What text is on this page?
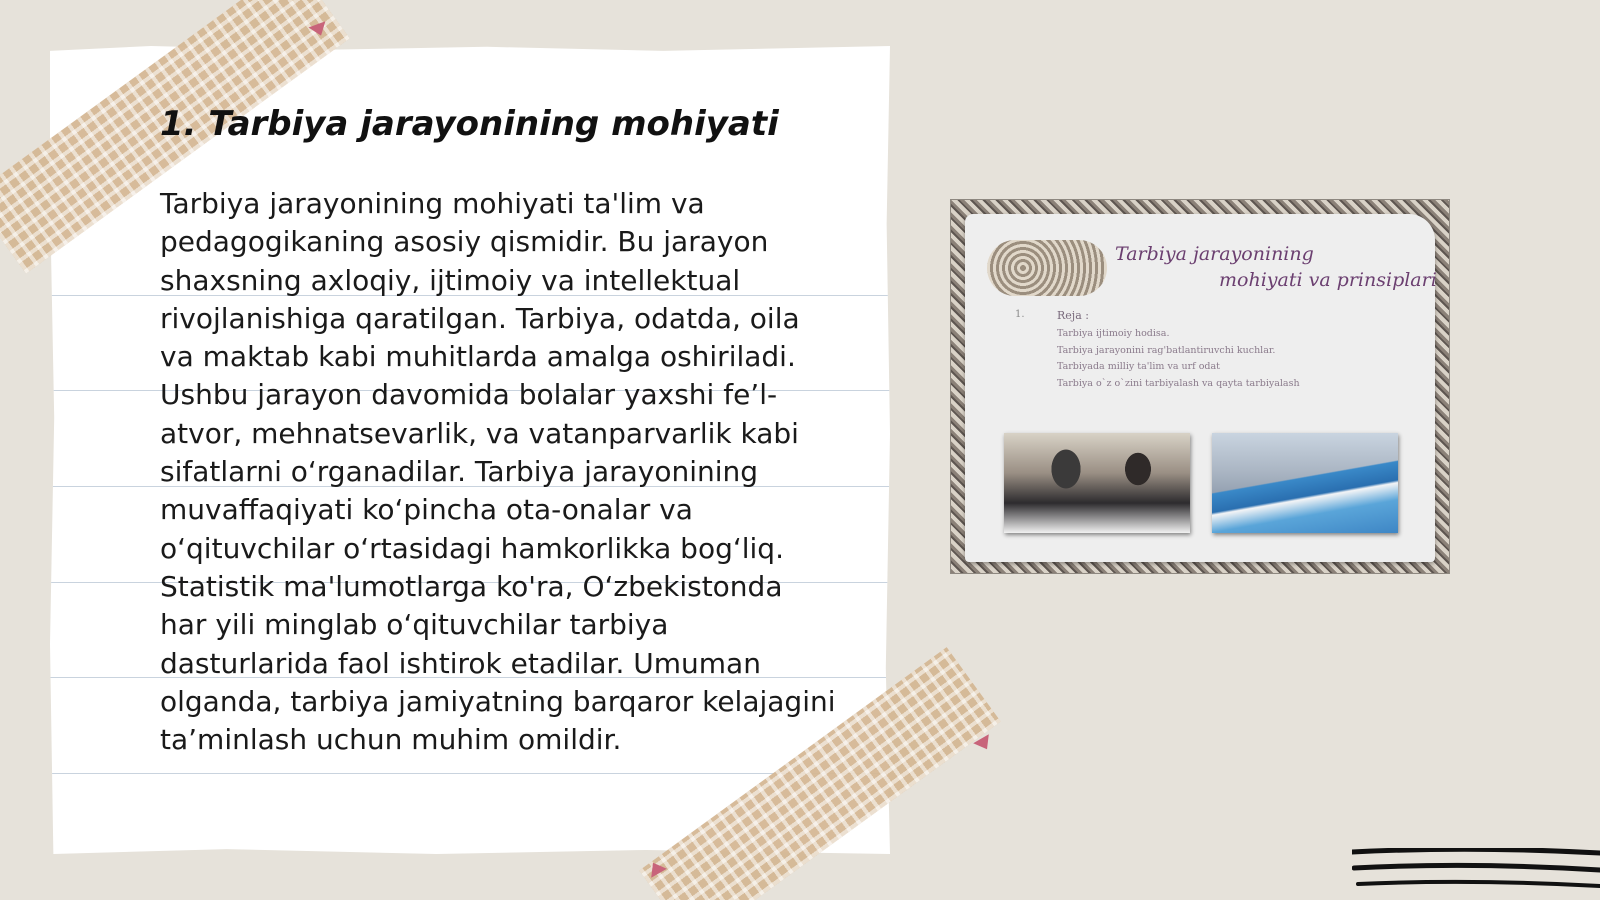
1. Tarbiya jarayonining mohiyati

Tarbiya jarayonining mohiyati ta'lim va pedagogikaning asosiy qismidir. Bu jarayon shaxsning axloqiy, ijtimoiy va intellektual rivojlanishiga qaratilgan. Tarbiya, odatda, oila va maktab kabi muhitlarda amalga oshiriladi. Ushbu jarayon davomida bolalar yaxshi fe’l-atvor, mehnatsevarlik, va vatanparvarlik kabi sifatlarni o‘rganadilar. Tarbiya jarayonining muvaffaqiyati ko‘pincha ota-onalar va o‘qituvchilar o‘rtasidagi hamkorlikka bog‘liq. Statistik ma'lumotlarga ko'ra, O‘zbekistonda har yili minglab o‘qituvchilar tarbiya dasturlarida faol ishtirok etadilar. Umuman olganda, tarbiya jamiyatning barqaror kelajagini ta’minlash uchun muhim omildir.

Tarbiya jarayonining
mohiyati va prinsiplari
1.	Reja :
Tarbiya ijtimoiy hodisa.
Tarbiya jarayonini rag'batlantiruvchi kuchlar.
Tarbiyada milliy ta'lim va urf odat
Tarbiya o`z o`zini tarbiyalash va qayta tarbiyalash
